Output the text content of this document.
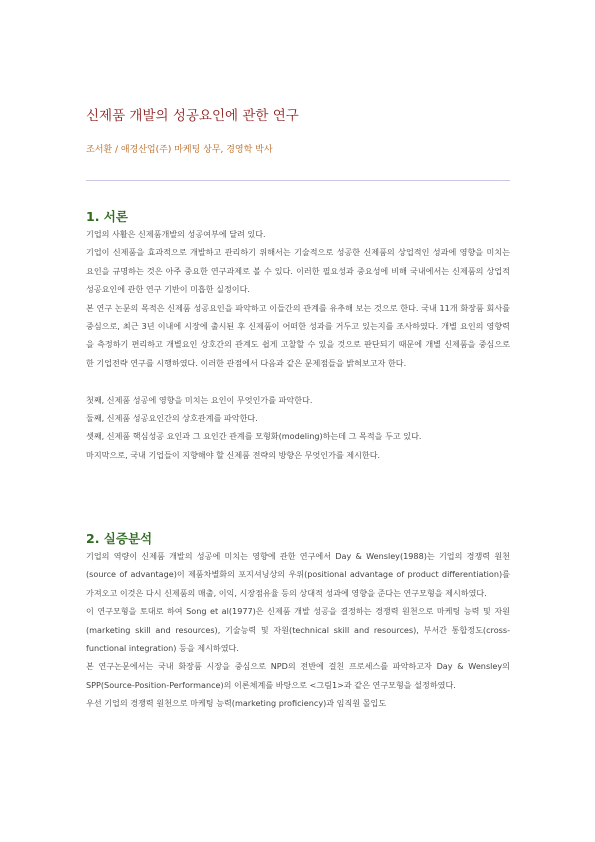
신제품 개발의 성공요인에 관한 연구
조서환 / 애경산업(주) 마케팅 상무, 경영학 박사
1. 서론

기업의 사활은 신제품개발의 성공여부에 달려 있다.

기업이 신제품을 효과적으로 개발하고 관리하기 위해서는 기술적으로 성공한 신제품의 상업적인 성과에 영향을 미치는 요인을 규명하는 것은 아주 중요한 연구과제로 볼 수 있다. 이러한 필요성과 중요성에 비해 국내에서는 신제품의 상업적 성공요인에 관한 연구 기반이 미흡한 실정이다.

본 연구 논문의 목적은 신제품 성공요인을 파악하고 이들간의 관계를 유추해 보는 것으로 한다. 국내 11개 화장품 회사를 중심으로, 최근 3년 이내에 시장에 출시된 후 신제품이 어떠한 성과를 거두고 있는지를 조사하였다. 개별 요인의 영향력을 측정하기 편리하고 개별요인 상호간의 관계도 쉽게 고찰할 수 있을 것으로 판단되기 때문에 개별 신제품을 중심으로 한 기업전략 연구를 시행하였다. 이러한 관점에서 다음과 같은 문제점들을 밝혀보고자 한다.

첫째, 신제품 성공에 영향을 미치는 요인이 무엇인가를 파악한다.

둘째, 신제품 성공요인간의 상호관계를 파악한다.

셋째, 신제품 핵심성공 요인과 그 요인간 관계를 모형화(modeling)하는데 그 목적을 두고 있다.

마지막으로, 국내 기업들이 지향해야 할 신제품 전략의 방향은 무엇인가를 제시한다.

2. 실증분석

기업의 역량이 신제품 개발의 성공에 미치는 영향에 관한 연구에서 Day & Wensley(1988)는 기업의 경쟁력 원천(source of advantage)이 제품차별화의 포지셔닝상의 우위(positional advantage of product differentiation)를 가져오고 이것은 다시 신제품의 매출, 이익, 시장점유율 등의 상대적 성과에 영향을 준다는 연구모형을 제시하였다.

이 연구모형을 토대로 하여 Song et al(1977)은 신제품 개발 성공을 결정하는 경쟁력 원천으로 마케팅 능력 및 자원(marketing skill and resources), 기술능력 및 자원(technical skill and resources), 부서간 통합정도(cross-functional integration) 등을 제시하였다.

본 연구논문에서는 국내 화장품 시장을 중심으로 NPD의 전반에 걸친 프로세스를 파악하고자 Day & Wensley의 SPP(Source-Position-Performance)의 이론체계를 바탕으로 <그림1>과 같은 연구모형을 설정하였다.

우선 기업의 경쟁력 원천으로 마케팅 능력(marketing proficiency)과 임직원 몰입도
